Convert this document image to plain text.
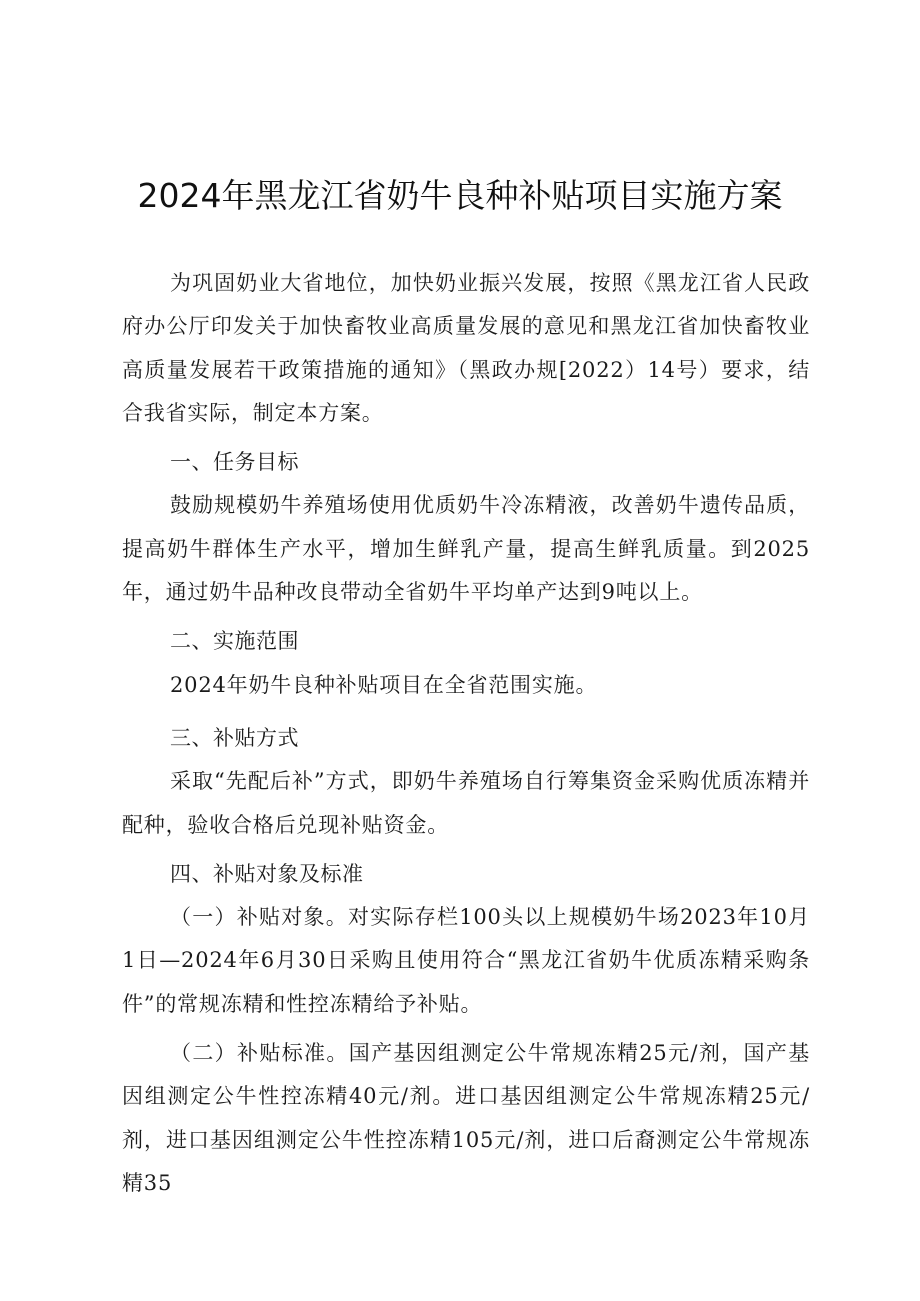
2024年黑龙江省奶牛良种补贴项目实施方案

为巩固奶业大省地位，加快奶业振兴发展，按照《黑龙江省人民政府办公厅印发关于加快畜牧业高质量发展的意见和黑龙江省加快畜牧业高质量发展若干政策措施的通知》（黑政办规[2022）14号）要求，结合我省实际，制定本方案。

一、任务目标

鼓励规模奶牛养殖场使用优质奶牛冷冻精液，改善奶牛遗传品质，提高奶牛群体生产水平，增加生鲜乳产量，提高生鲜乳质量。到2025年，通过奶牛品种改良带动全省奶牛平均单产达到9吨以上。

二、实施范围

2024年奶牛良种补贴项目在全省范围实施。

三、补贴方式

采取“先配后补”方式，即奶牛养殖场自行筹集资金采购优质冻精并配种，验收合格后兑现补贴资金。

四、补贴对象及标准

（一）补贴对象。对实际存栏100头以上规模奶牛场2023年10月1日—2024年6月30日采购且使用符合“黑龙江省奶牛优质冻精采购条件”的常规冻精和性控冻精给予补贴。

（二）补贴标准。国产基因组测定公牛常规冻精25元/剂，国产基因组测定公牛性控冻精40元/剂。进口基因组测定公牛常规冻精25元/剂，进口基因组测定公牛性控冻精105元/剂，进口后裔测定公牛常规冻精35
